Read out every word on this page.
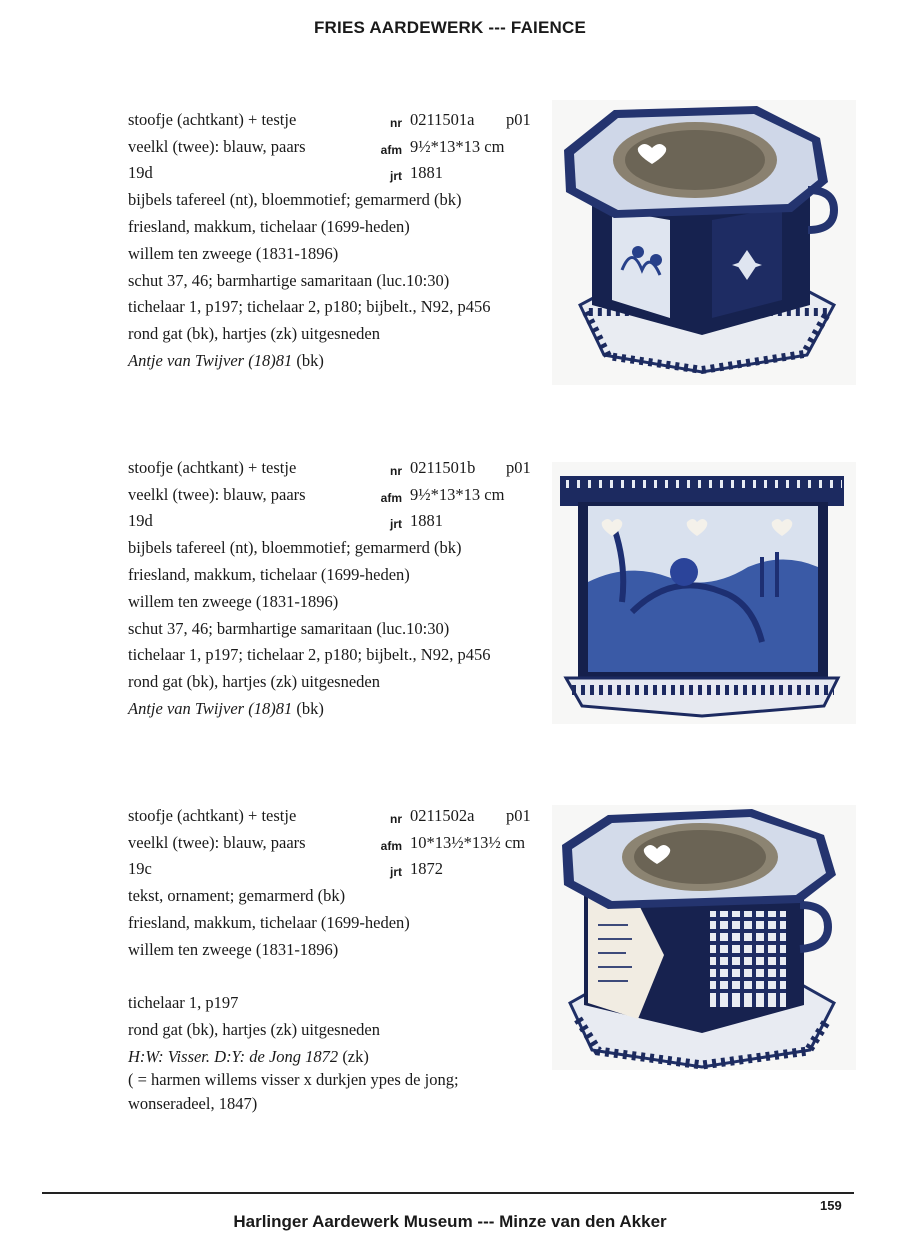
FRIES AARDEWERK --- FAIENCE
stoofje (achtkant) + testje	nr 0211501a p01
veelkl (twee): blauw, paars	afm 9½*13*13 cm
19d	jrt 1881
bijbels tafereel (nt), bloemmotief; gemarmerd (bk)
friesland, makkum, tichelaar (1699-heden)
willem ten zweege (1831-1896)
schut 37, 46; barmhartige samaritaan (luc.10:30)
tichelaar 1, p197; tichelaar 2, p180; bijbelt., N92, p456
rond gat (bk), hartjes (zk) uitgesneden
Antje van Twijver (18)81 (bk)
stoofje (achtkant) + testje	nr 0211501b p01
veelkl (twee): blauw, paars	afm 9½*13*13 cm
19d	jrt 1881
bijbels tafereel (nt), bloemmotief; gemarmerd (bk)
friesland, makkum, tichelaar (1699-heden)
willem ten zweege (1831-1896)
schut 37, 46; barmhartige samaritaan (luc.10:30)
tichelaar 1, p197; tichelaar 2, p180; bijbelt., N92, p456
rond gat (bk), hartjes (zk) uitgesneden
Antje van Twijver (18)81 (bk)
stoofje (achtkant) + testje	nr 0211502a p01
veelkl (twee): blauw, paars	afm 10*13½*13½ cm
19c	jrt 1872
tekst, ornament; gemarmerd (bk)
friesland, makkum, tichelaar (1699-heden)
willem ten zweege (1831-1896)
tichelaar 1, p197
rond gat (bk), hartjes (zk) uitgesneden
H:W: Visser. D:Y: de Jong 1872 (zk)
( = harmen willems visser x durkjen ypes de jong; wonseradeel, 1847)
159
Harlinger Aardewerk Museum --- Minze van den Akker
